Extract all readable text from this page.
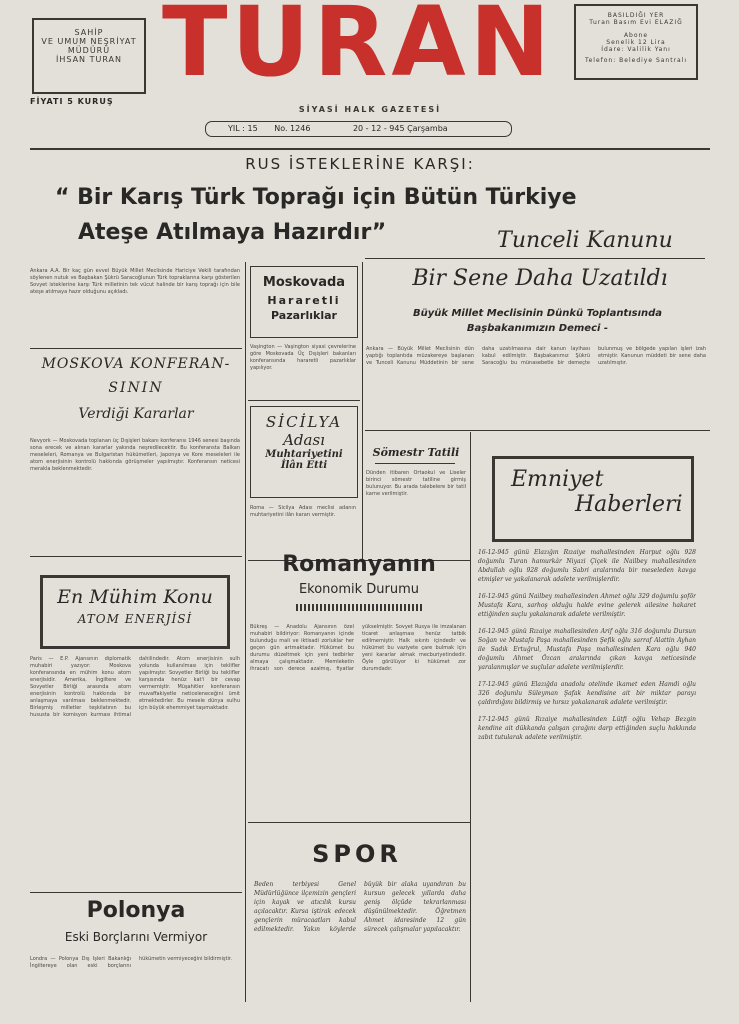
SAHİP
VE UMUM NEŞRİYAT
MÜDÜRÜ
İHSAN TURAN
FİYATI 5 KURUŞ
TURAN	BASILDIĞI YER
Turan Basım Evi ELAZIĞ
Abone
Senelik 12 Lira
İdare: Valilik Yanı
Telefon: Belediye Santralı
SİYASİ HALK GAZETESİ
YIL : 15 No. 1246	20 - 12 - 945 Çarşamba
RUS İSTEKLERİNE KARŞI:
“ Bir Karış Türk Toprağı için Bütün Türkiye
Ateşe Atılmaya Hazırdır”	Tunceli Kanunu
Bir Sene Daha Uzatıldı
Büyük Millet Meclisinin Dünkü Toplantısında
Başbakanımızın Demeci -
Ankara A.A. Bir kaç gün evvel Büyük Millet Meclisinde Hariciye Vekili tarafından söylenen nutuk ve Başbakan Şükrü Saracoğlunun Türk topraklarına karşı gösterilen Sovyet isteklerine karşı Türk milletinin tek vücut halinde bir karış toprağı için bile ateşe atılmaya hazır olduğunu açıkladı.
MOSKOVA KONFERAN-
SININ
Verdiği Kararlar
Nevyork — Moskovada toplanan üç Dışişleri bakanı konferansı 1946 senesi başında sona erecek ve alınan kararlar yakında neşredilecektir. Bu konferansta Balkan meseleleri, Romanya ve Bulgaristan hükümetleri, Japonya ve Kore meseleleri ile atom enerjisinin kontrolü hakkında görüşmeler yapılmıştır. Konferansın neticesi merakla beklenmektedir.
Moskovada
Hararetli
Pazarlıklar
Vaşington — Vaşington siyasi çevrelerine göre Moskovada Üç Dışişleri bakanları konferansında hararetli pazarlıklar yapılıyor.
SİCİLYA
Adası
Muhtariyetini
İlân Etti
Roma — Sicilya Adası meclisi adanın muhtariyetini ilân kararı vermiştir.
Ankara — Büyük Millet Meclisinin dün yaptığı toplantıda müzakereye başlanan ve Tunceli Kanunu Müddetinin bir sene daha uzatılmasına dair kanun layihası kabul edilmiştir. Başbakanımız Şükrü Saracoğlu bu münasebetle bir demeçte bulunmuş ve bölgede yapılan işleri izah etmiştir. Kanunun müddeti bir sene daha uzatılmıştır.
Sömestr Tatili
Dünden itibaren Ortaokul ve Liseler birinci sömestr tatiline girmiş bulunuyor. Bu arada talebelere bir tatil karne verilmiştir.
Emniyet
Haberleri

16-12-945 günü Elazığın Rızaiye mahallesinden Harput oğlu 928 doğumlu Turan hamurkâr Niyazi Çiçek ile Nailbey mahallesinden Abdullah oğlu 928 doğumlu Sabri aralarında bir meseleden kavga etmişler ve yakalanarak adalete verilmişlerdir.

16-12-945 günü Nailbey mahallesinden Ahmet oğlu 329 doğumlu şoför Mustafa Kara, sarhoş olduğu halde evine gelerek ailesine hakaret ettiğinden suçlu yakalanarak adalete verilmiştir.

16-12-945 günü Rızaiye mahallesinden Arif oğlu 316 doğumlu Dursun Soğan ve Mustafa Paşa mahallesinden Şefik oğlu sarraf Alattin Ayhan ile Sadık Ertuğrul, Mustafa Paşa mahallesinden Kara oğlu 940 doğumlu Ahmet Özcan aralarında çıkan kavga neticesinde yaralanmışlar ve suçlular adalete verilmişlerdir.

17-12-945 günü Elazığda anadolu otelinde ikamet eden Hamdi oğlu 326 doğumlu Süleyman Şafak kendisine ait bir miktar parayı çaldırdığını bildirmiş ve hırsız yakalanarak adalete verilmiştir.

17-12-945 günü Rızaiye mahallesinden Lütfi oğlu Vehap Bezgin kendine ait dükkanda çalışan çırağını darp ettiğinden suçlu hakkında zabıt tutularak adalete verilmiştir.

En Mühim Konu
ATOM ENERJİSİ
Paris — E.P. Ajansının diplomatik muhabiri yazıyor: Moskova konferansında en mühim konu atom enerjisidir. Amerika, İngiltere ve Sovyetler Birliği arasında atom enerjisinin kontrolü hakkında bir anlaşmaya varılması beklenmektedir. Birleşmiş milletler teşkilatının bu hususta bir komisyon kurması ihtimal dahilindedir. Atom enerjisinin sulh yolunda kullanılması için teklifler yapılmıştır. Sovyetler Birliği bu teklifler karşısında henüz kat'i bir cevap vermemiştir. Müşahitler konferansın muvaffakiyetle neticeleneceğini ümit etmektedirler. Bu mesele dünya sulhu için büyük ehemmiyet taşımaktadır.
Polonya
Eski Borçlarını Vermiyor
Londra — Polonya Dış İşleri Bakanlığı İngiltereye olan eski borçlarını hükümetin vermiyeceğini bildirmiştir.
Romanyanın
Ekonomik Durumu
Bükreş — Anadolu Ajansının özel muhabiri bildiriyor: Romanyanın içinde bulunduğu mali ve iktisadi zorluklar her geçen gün artmaktadır. Hükümet bu durumu düzeltmek için yeni tedbirler almaya çalışmaktadır. Memleketin ihracatı son derece azalmış, fiyatlar yükselmiştir. Sovyet Rusya ile imzalanan ticaret anlaşması henüz tatbik edilmemiştir. Halk sıkıntı içindedir ve hükümet bu vaziyete çare bulmak için yeni kararlar almak mecburiyetindedir. Öyle görülüyor ki hükümet zor durumdadır.
SPOR
Beden terbiyesi Genel Müdürlüğünce ilçemizin gençleri için kayak ve atıcılık kursu açılacaktır. Kursa iştirak edecek gençlerin müracaatları kabul edilmektedir. Yakın köylerde büyük bir alaka uyandıran bu kursun gelecek yıllarda daha geniş ölçüde tekrarlanması düşünülmektedir. Öğretmen Ahmet idaresinde 12 gün sürecek çalışmalar yapılacaktır.
